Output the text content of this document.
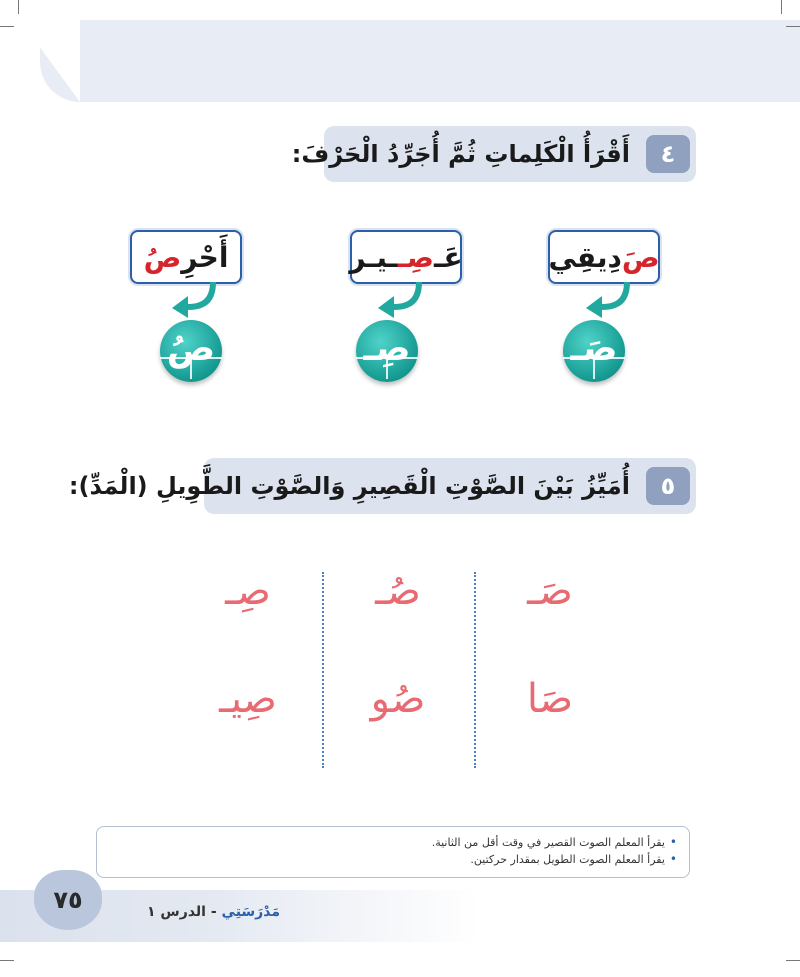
٤
أَقْرَأُ الْكَلِماتِ ثُمَّ أُجَرِّدُ الْحَرْفَ:
صَ
دِيقِي
صَـ
عَـ
صِـ
ـيـر
صِـ
أَحْرِ
صُ
صُ
٥
أُمَيِّزُ بَيْنَ الصَّوْتِ الْقَصِيرِ وَالصَّوْتِ الطَّوِيلِ (الْمَدِّ):
صَـ
صُـ
صِـ
صَا
صُو
صِيـ
• يقرأ المعلم الصوت القصير في وقت أقل من الثانية.
• يقرأ المعلم الصوت الطويل بمقدار حركتين.
٧٥	مَدْرَسَتِي - الدرس ١
